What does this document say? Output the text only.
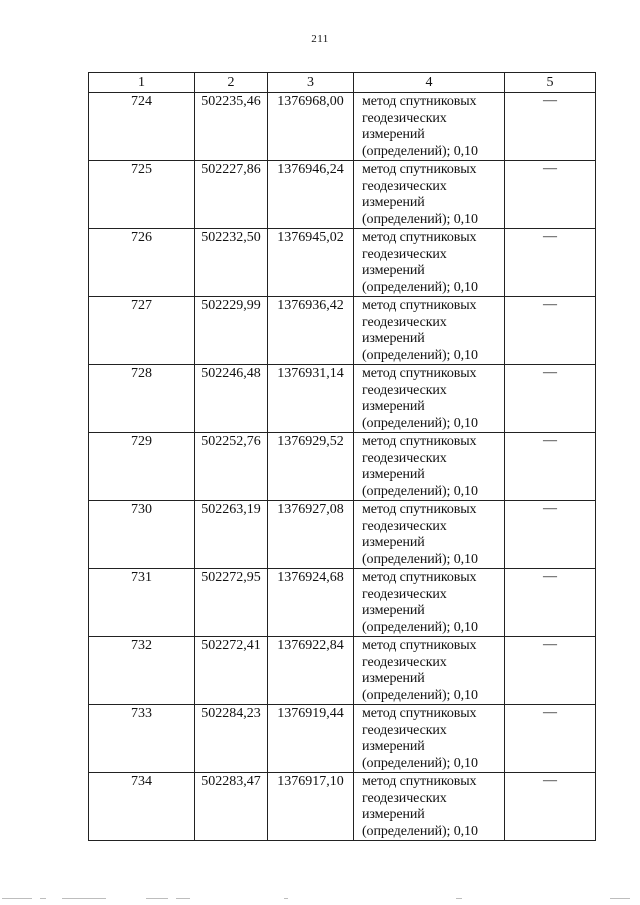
211
1	2	3	4	5
724	502235,46	1376968,00	метод спутниковых
геодезических
измерений
(определений); 0,10	—
725	502227,86	1376946,24	метод спутниковых
геодезических
измерений
(определений); 0,10	—
726	502232,50	1376945,02	метод спутниковых
геодезических
измерений
(определений); 0,10	—
727	502229,99	1376936,42	метод спутниковых
геодезических
измерений
(определений); 0,10	—
728	502246,48	1376931,14	метод спутниковых
геодезических
измерений
(определений); 0,10	—
729	502252,76	1376929,52	метод спутниковых
геодезических
измерений
(определений); 0,10	—
730	502263,19	1376927,08	метод спутниковых
геодезических
измерений
(определений); 0,10	—
731	502272,95	1376924,68	метод спутниковых
геодезических
измерений
(определений); 0,10	—
732	502272,41	1376922,84	метод спутниковых
геодезических
измерений
(определений); 0,10	—
733	502284,23	1376919,44	метод спутниковых
геодезических
измерений
(определений); 0,10	—
734	502283,47	1376917,10	метод спутниковых
геодезических
измерений
(определений); 0,10	—
